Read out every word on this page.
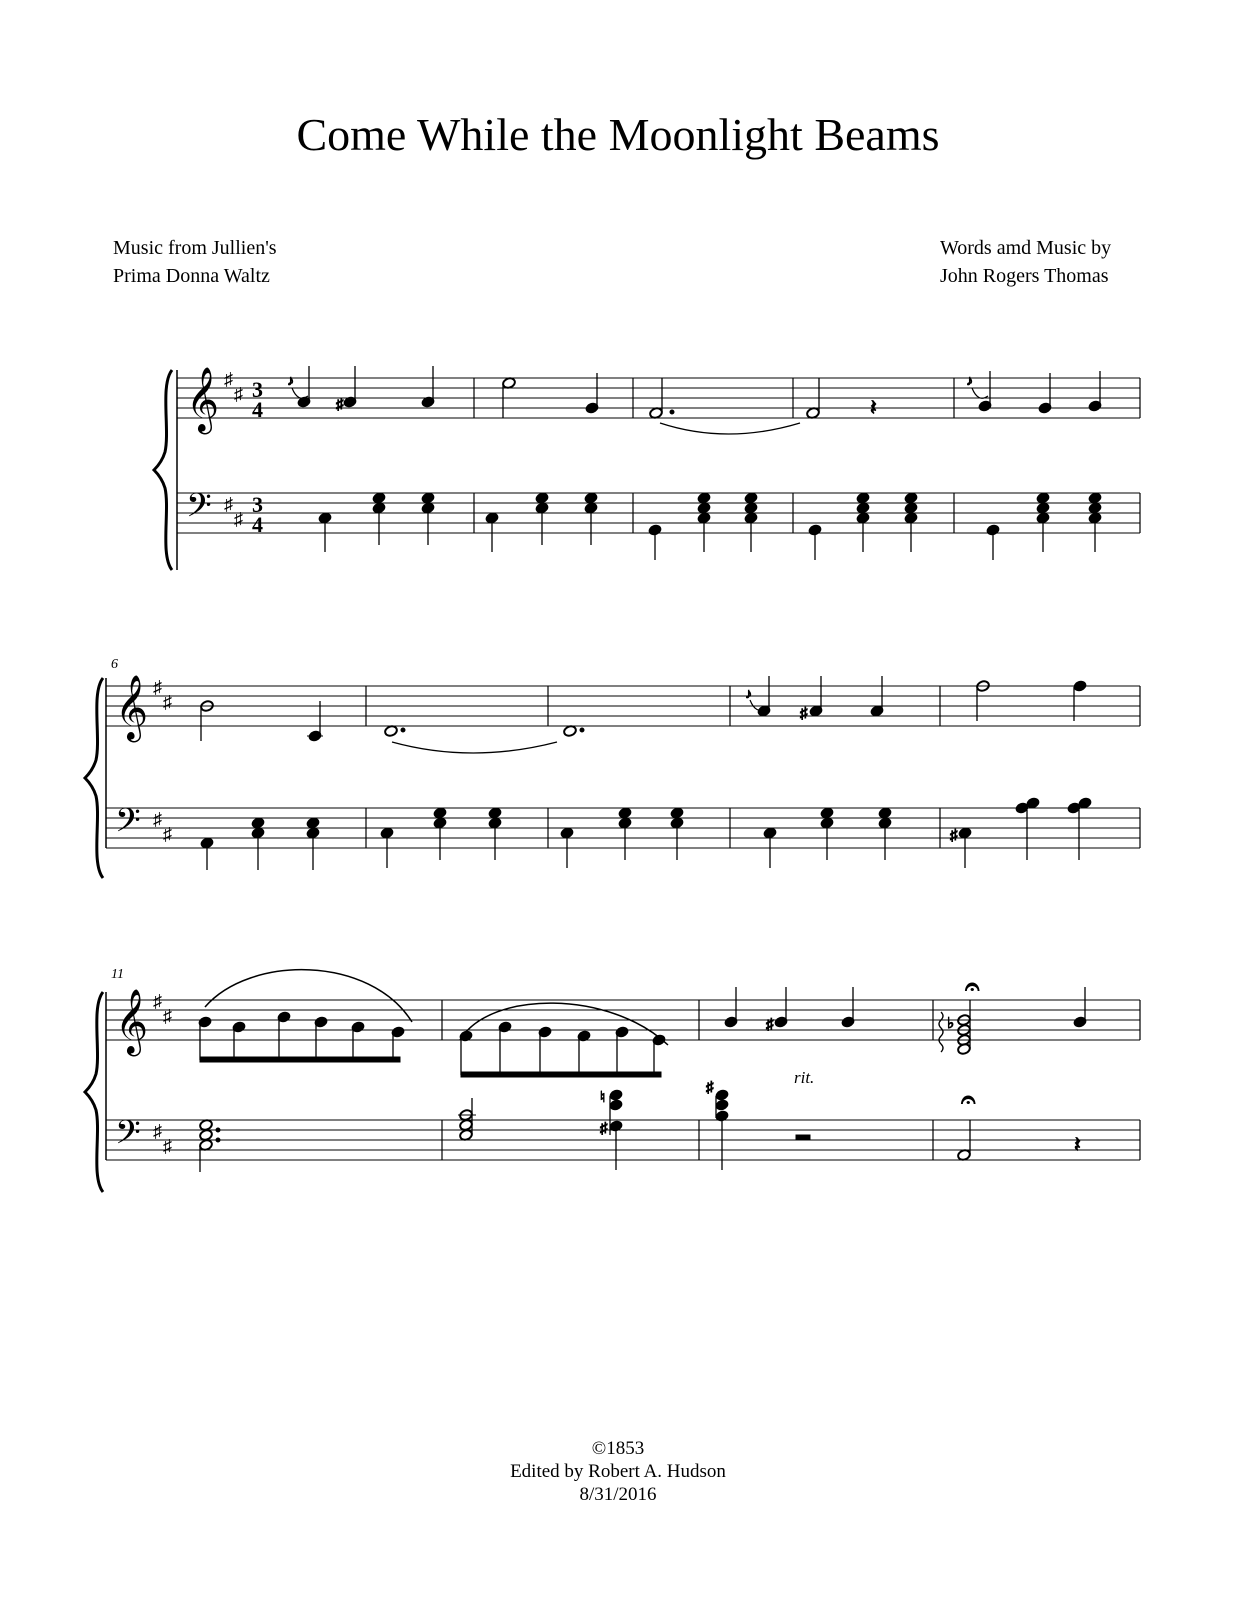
Come While the Moonlight Beams
Music from Jullien's
Prima Donna Waltz
Words amd Music by
John Rogers Thomas
𝄞
𝄢
♯
♯
♯
♯
3
4
3
4
♪
♯	𝄽
♪
6
𝄞
𝄢
♯
♯
♯
♯
♪
♯
♯
11
𝄞
𝄢
♯
♯
♯
♯
♯
𝄐
♭
rit.
♮
♯
♯	𝄐
𝄽
©1853
Edited by Robert A. Hudson
8/31/2016
